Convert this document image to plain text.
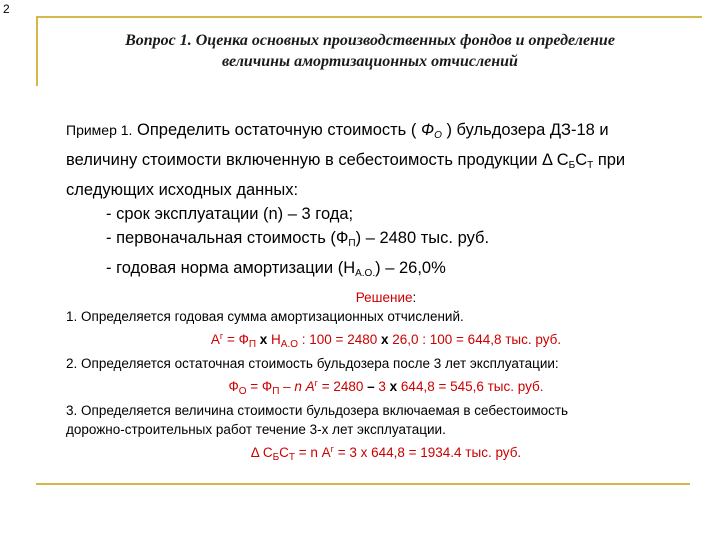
2
Вопрос 1. Оценка основных производственных фондов и определение
величины амортизационных отчислений
Пример 1. Определить остаточную стоимость ( $Ф_О$ ) бульдозера ДЗ-18 и
величину стоимости включенную в себестоимость продукции Δ $С_БС_Т$ при
следующих исходных данных:
- срок эксплуатации (n) – 3 года;
- первоначальная стоимость $(Ф_П) - 2480$ тыс. руб.
- годовая норма амортизации $(Н_{А.О.}) - 26,0\%$
Решение:
1. Определяется годовая сумма амортизационных отчислений.
$А^г = Ф_П$ х $Н_{А.О}$ : 100 = 2480 х 26,0 : 100 = 644,8 тыс. руб.
2. Определяется остаточная стоимость бульдозера после 3 лет эксплуатации:
$Ф_О = Ф_П - n$ $А^г = 2480 - 3$ х 644,8 = 545,6 тыс. руб.
3. Определяется величина стоимости бульдозера включаемая в себестоимость
дорожно-строительных работ течение 3-х лет эксплуатации.
Δ $С_БС_Т = n$ $А^г = 3$ х 644,8 = 1934.4 тыс. руб.
